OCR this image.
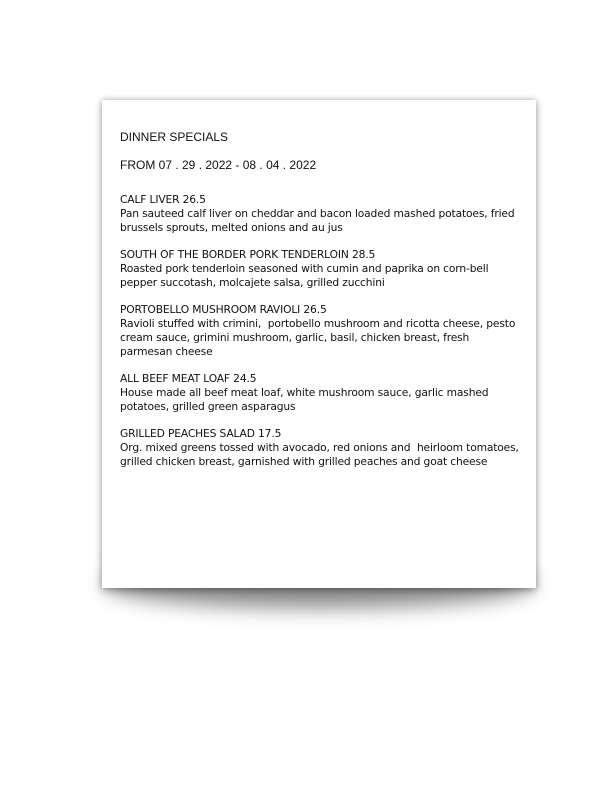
DINNER SPECIALS

FROM 07 . 29 . 2022 - 08 . 04 . 2022

CALF LIVER 26.5
Pan sauteed calf liver on cheddar and bacon loaded mashed potatoes, fried brussels sprouts, melted onions and au jus
SOUTH OF THE BORDER PORK TENDERLOIN 28.5
Roasted pork tenderloin seasoned with cumin and paprika on corn-bell pepper succotash, molcajete salsa, grilled zucchini
PORTOBELLO MUSHROOM RAVIOLI 26.5
Ravioli stuffed with crimini,  portobello mushroom and ricotta cheese, pesto cream sauce, grimini mushroom, garlic, basil, chicken breast, fresh parmesan cheese
ALL BEEF MEAT LOAF 24.5
House made all beef meat loaf, white mushroom sauce, garlic mashed potatoes, grilled green asparagus
GRILLED PEACHES SALAD 17.5
Org. mixed greens tossed with avocado, red onions and  heirloom tomatoes, grilled chicken breast, garnished with grilled peaches and goat cheese
